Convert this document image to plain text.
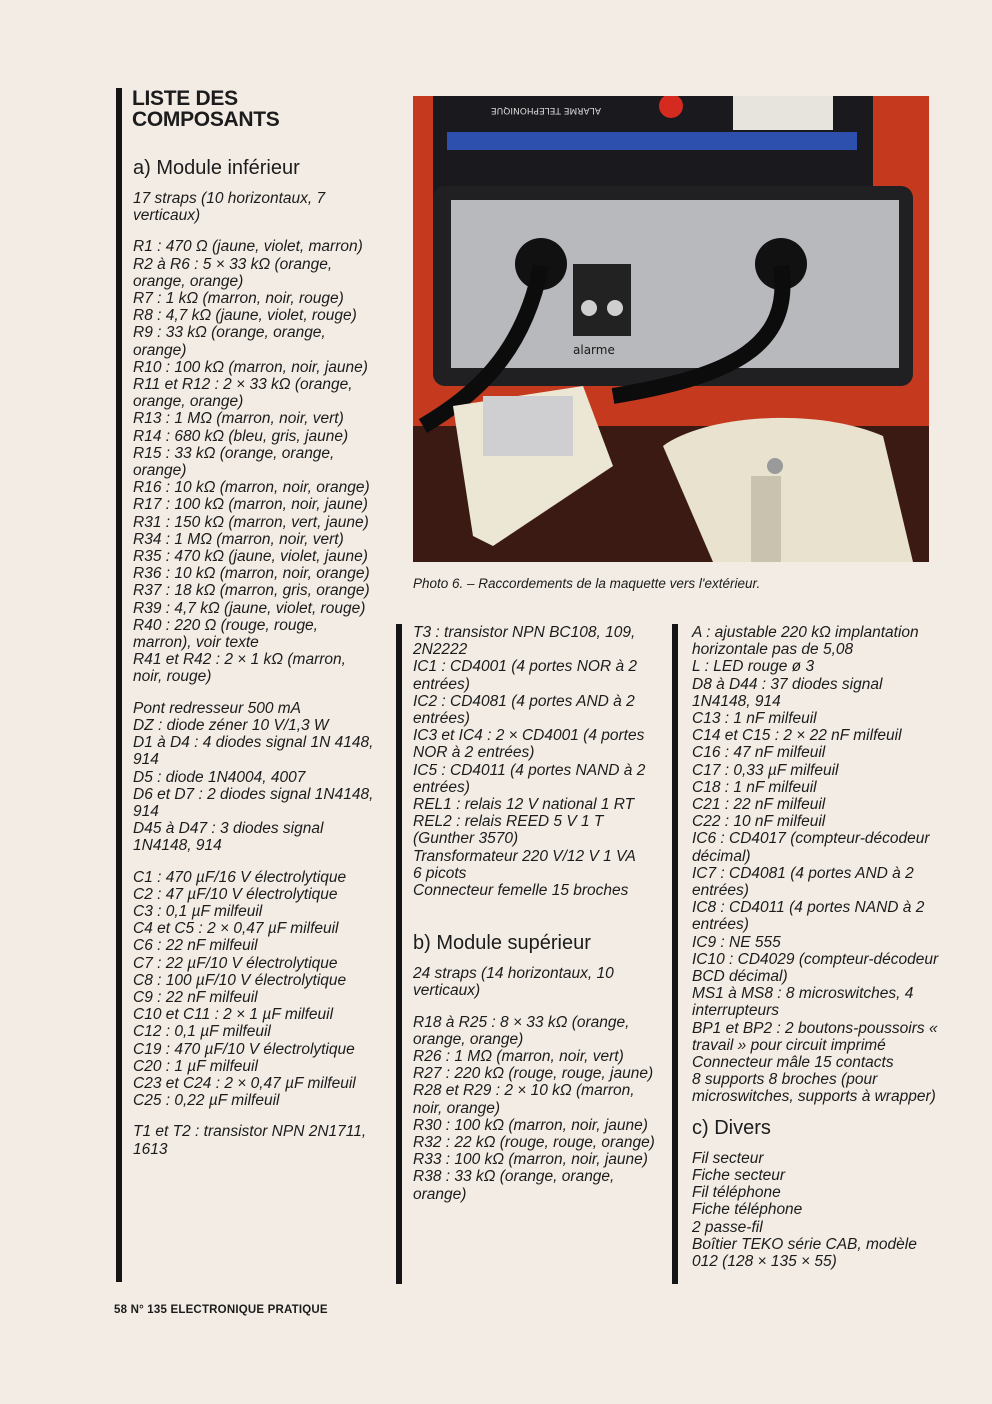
LISTE DES
COMPOSANTS
a) Module inférieur

17 straps (10 horizontaux, 7 verticaux)

R1 : 470 Ω (jaune, violet, marron)

R2 à R6 : 5 × 33 kΩ (orange, orange, orange)

R7 : 1 kΩ (marron, noir, rouge)

R8 : 4,7 kΩ (jaune, violet, rouge)

R9 : 33 kΩ (orange, orange, orange)

R10 : 100 kΩ (marron, noir, jaune)

R11 et R12 : 2 × 33 kΩ (orange, orange, orange)

R13 : 1 MΩ (marron, noir, vert)

R14 : 680 kΩ (bleu, gris, jaune)

R15 : 33 kΩ (orange, orange, orange)

R16 : 10 kΩ (marron, noir, orange)

R17 : 100 kΩ (marron, noir, jaune)

R31 : 150 kΩ (marron, vert, jaune)

R34 : 1 MΩ (marron, noir, vert)

R35 : 470 kΩ (jaune, violet, jaune)

R36 : 10 kΩ (marron, noir, orange)

R37 : 18 kΩ (marron, gris, orange)

R39 : 4,7 kΩ (jaune, violet, rouge)

R40 : 220 Ω (rouge, rouge, marron), voir texte

R41 et R42 : 2 × 1 kΩ (marron, noir, rouge)

Pont redresseur 500 mA

DZ : diode zéner 10 V/1,3 W

D1 à D4 : 4 diodes signal 1N 4148, 914

D5 : diode 1N4004, 4007

D6 et D7 : 2 diodes signal 1N4148, 914

D45 à D47 : 3 diodes signal 1N4148, 914

C1 : 470 µF/16 V électrolytique

C2 : 47 µF/10 V électrolytique

C3 : 0,1 µF milfeuil

C4 et C5 : 2 × 0,47 µF milfeuil

C6 : 22 nF milfeuil

C7 : 22 µF/10 V électrolytique

C8 : 100 µF/10 V électrolytique

C9 : 22 nF milfeuil

C10 et C11 : 2 × 1 µF milfeuil

C12 : 0,1 µF milfeuil

C19 : 470 µF/10 V électrolytique

C20 : 1 µF milfeuil

C23 et C24 : 2 × 0,47 µF milfeuil

C25 : 0,22 µF milfeuil

T1 et T2 : transistor NPN 2N1711, 1613

ALARME TELEPHONIQUE
alarme
Photo 6. – Raccordements de la maquette vers l'extérieur.

T3 : transistor NPN BC108, 109, 2N2222

IC1 : CD4001 (4 portes NOR à 2 entrées)

IC2 : CD4081 (4 portes AND à 2 entrées)

IC3 et IC4 : 2 × CD4001 (4 portes NOR à 2 entrées)

IC5 : CD4011 (4 portes NAND à 2 entrées)

REL1 : relais 12 V national 1 RT

REL2 : relais REED 5 V 1 T (Gunther 3570)

Transformateur 220 V/12 V 1 VA

6 picots

Connecteur femelle 15 broches

b) Module supérieur

24 straps (14 horizontaux, 10 verticaux)

R18 à R25 : 8 × 33 kΩ (orange, orange, orange)

R26 : 1 MΩ (marron, noir, vert)

R27 : 220 kΩ (rouge, rouge, jaune)

R28 et R29 : 2 × 10 kΩ (marron, noir, orange)

R30 : 100 kΩ (marron, noir, jaune)

R32 : 22 kΩ (rouge, rouge, orange)

R33 : 100 kΩ (marron, noir, jaune)

R38 : 33 kΩ (orange, orange, orange)

A : ajustable 220 kΩ implantation horizontale pas de 5,08

L : LED rouge ø 3

D8 à D44 : 37 diodes signal 1N4148, 914

C13 : 1 nF milfeuil

C14 et C15 : 2 × 22 nF milfeuil

C16 : 47 nF milfeuil

C17 : 0,33 µF milfeuil

C18 : 1 nF milfeuil

C21 : 22 nF milfeuil

C22 : 10 nF milfeuil

IC6 : CD4017 (compteur-décodeur décimal)

IC7 : CD4081 (4 portes AND à 2 entrées)

IC8 : CD4011 (4 portes NAND à 2 entrées)

IC9 : NE 555

IC10 : CD4029 (compteur-décodeur BCD décimal)

MS1 à MS8 : 8 microswitches, 4 interrupteurs

BP1 et BP2 : 2 boutons-poussoirs « travail » pour circuit imprimé

Connecteur mâle 15 contacts

8 supports 8 broches (pour microswitches, supports à wrapper)

c) Divers

Fil secteur

Fiche secteur

Fil téléphone

Fiche téléphone

2 passe-fil

Boîtier TEKO série CAB, modèle 012 (128 × 135 × 55)

58 N° 135 ELECTRONIQUE PRATIQUE
